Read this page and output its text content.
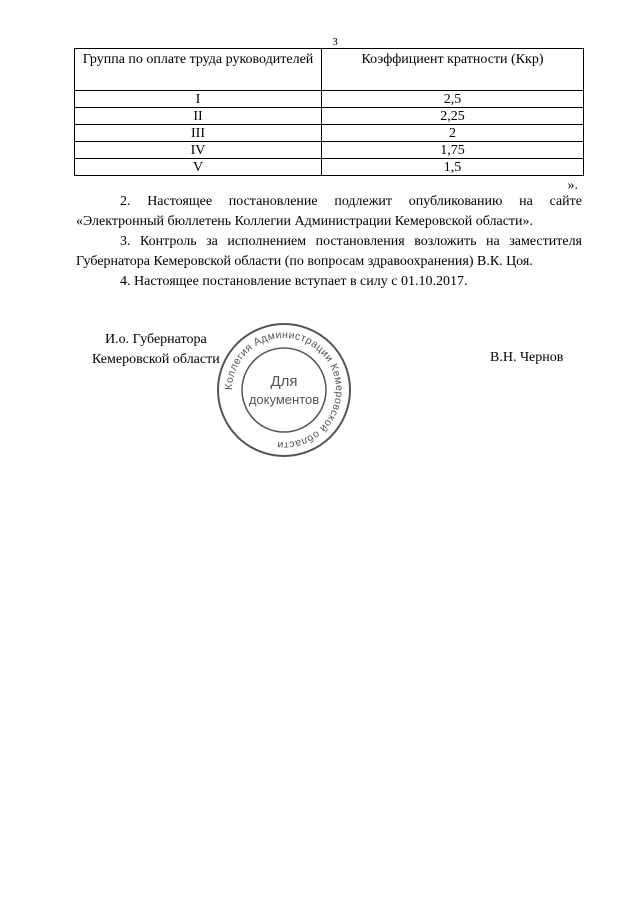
3
Группа по оплате труда руководителей	Коэффициент кратности (Ккр)
I	2,5
II	2,25
III	2
IV	1,75
V	1,5
».

2. Настоящее постановление подлежит опубликованию на сайте «Электронный бюллетень Коллегии Администрации Кемеровской области».

3. Контроль за исполнением постановления возложить на заместителя Губернатора Кемеровской области (по вопросам здравоохранения) В.К. Цоя.

4. Настоящее постановление вступает в силу с 01.10.2017.

И.о. Губернатора
Кемеровской области	В.Н. Чернов
Коллегия Администрации Кемеровской области
Для
документов
